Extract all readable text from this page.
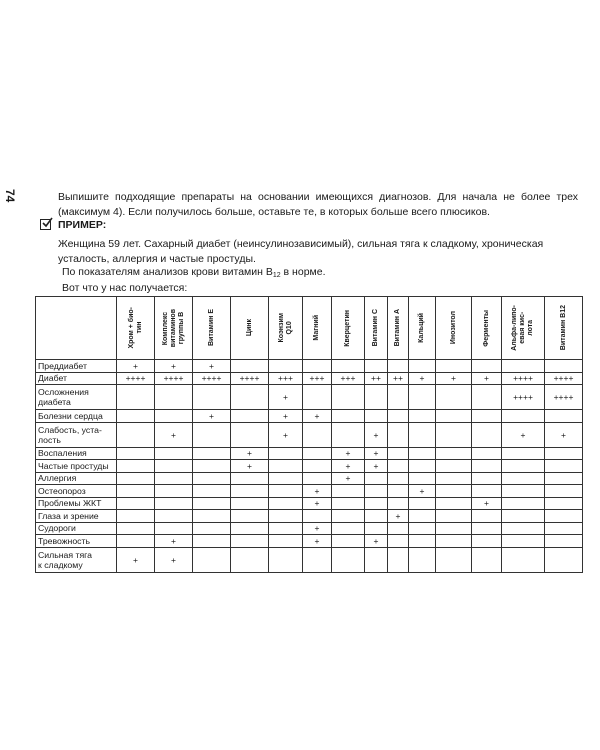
74	Выпишите подходящие препараты на основании имеющихся диагнозов. Для начала не более трех (максимум 4). Если получилось больше, оставьте те, в которых больше всего плюсиков.
ПРИМЕР:
Женщина 59 лет. Сахарный диабет (неинсулинозависимый), сильная тяга к сладкому, хроническая усталость, аллергия и частые простуды.
По показателям анализов крови витамин $B_{12}$ в норме.
Вот что у нас получается:

	Хром + био-
тин	Комплекс
витаминов
группы B	Витамин E	Цинк	Коэнзим
Q10	Магний	Кверцетин	Витамин C	Витамин A	Кальций	Инозитол	Ферменты	Альфа-липо-
евая кис-
лота	Витамин B12

Преддиабет	+	+	+											
Диабет	++++	++++	++++	++++	+++	+++	+++	++	++	+	+	+	++++	++++
Осложнения
диабета					+								++++	++++
Болезни сердца			+		+	+								
Слабость, уста-
лость		+			+			+					+	+
Воспаления				+			+	+						
Частые простуды				+			+	+						
Аллергия							+							
Остеопороз						+				+				
Проблемы ЖКТ						+						+		
Глаза и зрение									+					
Судороги						+								
Тревожность		+				+		+						
Сильная тяга
к сладкому	+	+												
